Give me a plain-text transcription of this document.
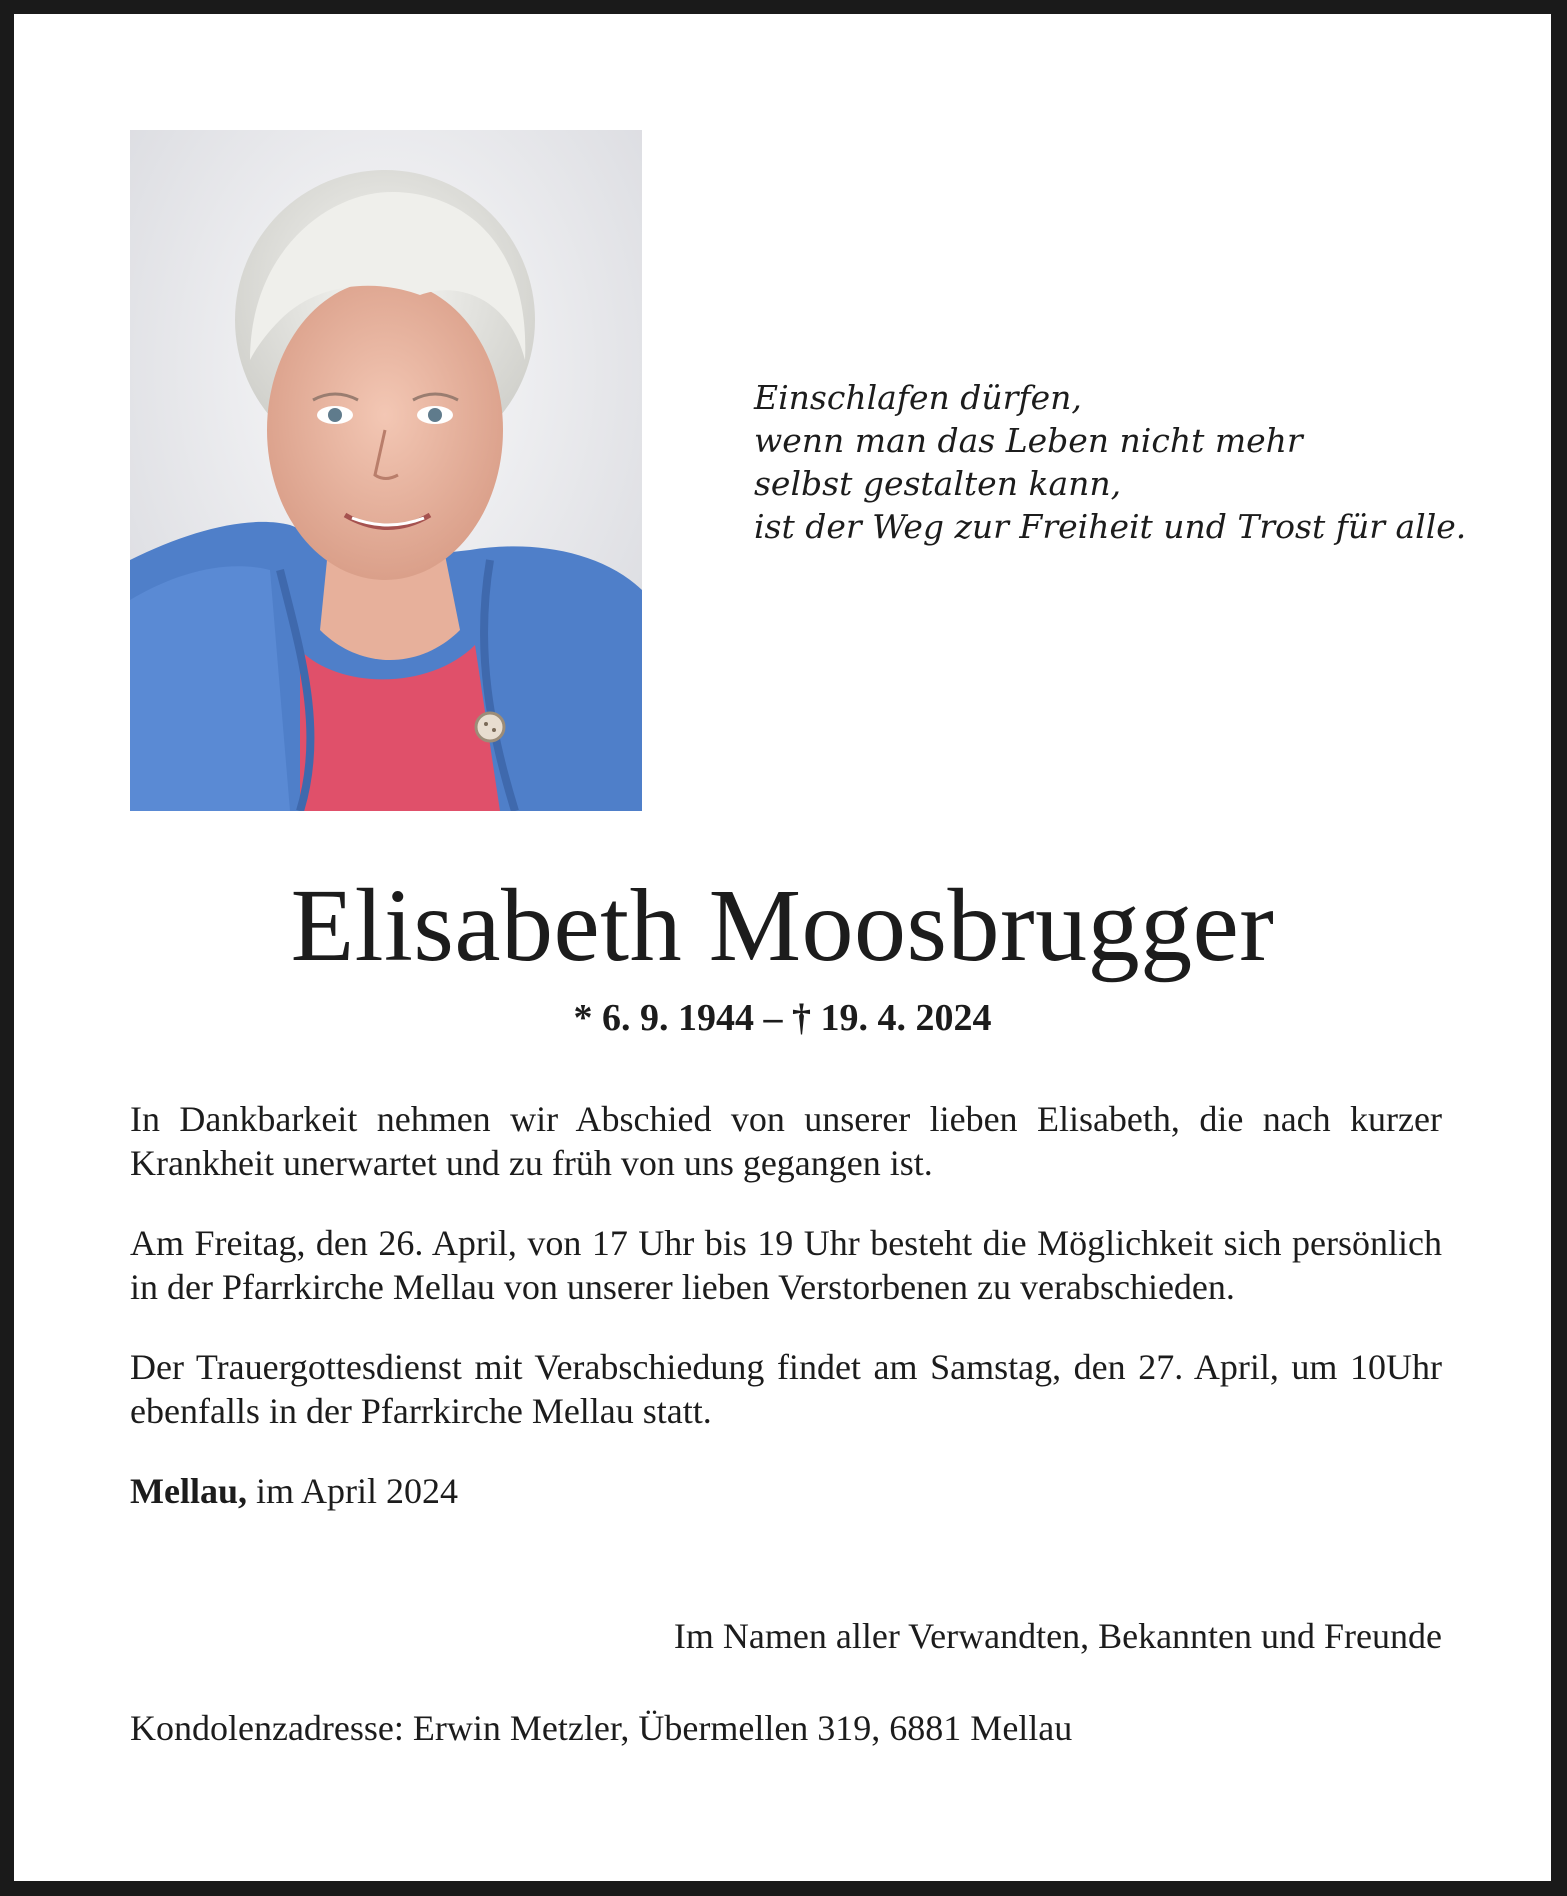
Einschlafen dürfen,
wenn man das Leben nicht mehr
selbst gestalten kann,
ist der Weg zur Freiheit und Trost für alle.
Elisabeth Moosbrugger
* 6. 9. 1944 – † 19. 4. 2024

In Dankbarkeit nehmen wir Abschied von unserer lieben Elisabeth, die nach kurzer Krankheit unerwartet und zu früh von uns gegangen ist.

Am Freitag, den 26. April, von 17 Uhr bis 19 Uhr besteht die Möglichkeit sich persönlich in der Pfarrkirche Mellau von unserer lieben Verstorbenen zu verabschieden.

Der Trauergottesdienst mit Verabschiedung findet am Samstag, den 27. April, um 10Uhr ebenfalls in der Pfarrkirche Mellau statt.

Mellau, im April 2024

Im Namen aller Verwandten, Bekannten und Freunde
Kondolenzadresse: Erwin Metzler, Übermellen 319, 6881 Mellau
